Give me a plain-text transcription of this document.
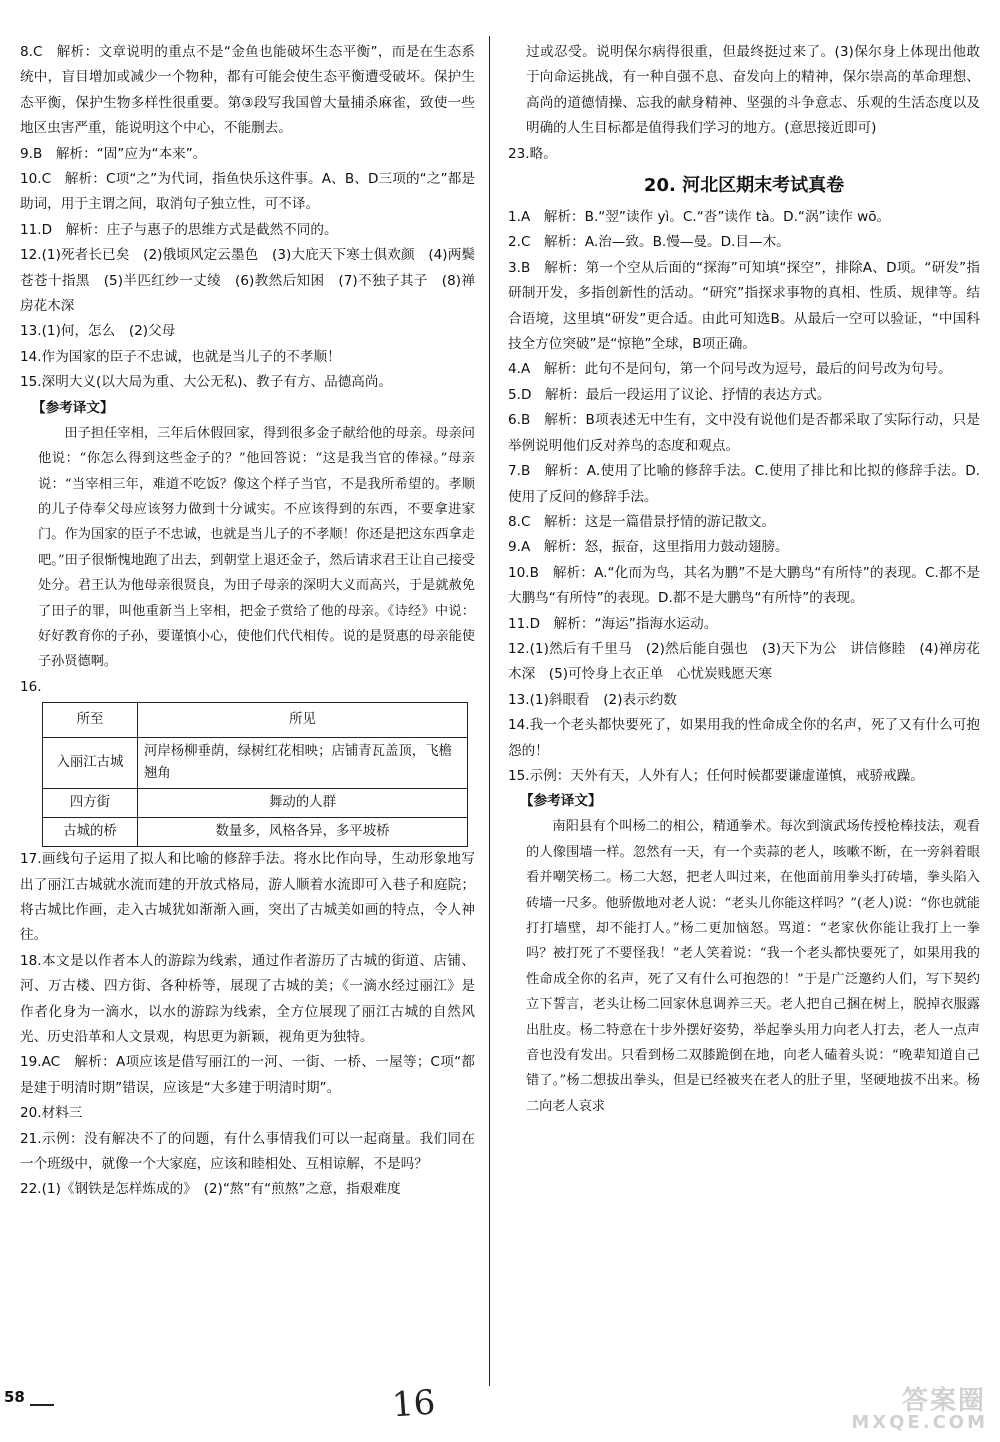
8.C　解析：文章说明的重点不是“金鱼也能破坏生态平衡”，而是在生态系统中，盲目增加或减少一个物种，都有可能会使生态平衡遭受破坏。保护生态平衡，保护生物多样性很重要。第③段写我国曾大量捕杀麻雀，致使一些地区虫害严重，能说明这个中心，不能删去。

9.B　解析：“固”应为“本来”。

10.C　解析：C项“之”为代词，指鱼快乐这件事。A、B、D三项的“之”都是助词，用于主谓之间，取消句子独立性，可不译。

11.D　解析：庄子与惠子的思维方式是截然不同的。

12.(1)死者长已矣　(2)俄顷风定云墨色　(3)大庇天下寒士俱欢颜　(4)两鬓苍苍十指黑　(5)半匹红纱一丈绫　(6)教然后知困　(7)不独子其子　(8)禅房花木深

13.(1)何，怎么　(2)父母

14.作为国家的臣子不忠诚，也就是当儿子的不孝顺！

15.深明大义(以大局为重、大公无私)、教子有方、品德高尚。

【参考译文】

田子担任宰相，三年后休假回家，得到很多金子献给他的母亲。母亲问他说：“你怎么得到这些金子的？”他回答说：“这是我当官的俸禄。”母亲说：“当宰相三年，难道不吃饭？像这个样子当官，不是我所希望的。孝顺的儿子侍奉父母应该努力做到十分诚实。不应该得到的东西，不要拿进家门。作为国家的臣子不忠诚，也就是当儿子的不孝顺！你还是把这东西拿走吧。”田子很惭愧地跑了出去，到朝堂上退还金子，然后请求君王让自己接受处分。君王认为他母亲很贤良，为田子母亲的深明大义而高兴，于是就赦免了田子的罪，叫他重新当上宰相，把金子赏给了他的母亲。《诗经》中说：好好教育你的子孙，要谨慎小心，使他们代代相传。说的是贤惠的母亲能使子孙贤德啊。

16.

所至	所见
入丽江古城	河岸杨柳垂荫，绿树红花相映；店铺青瓦盖顶，飞檐翘角
四方街	舞动的人群
古城的桥	数量多，风格各异，多平坡桥

17.画线句子运用了拟人和比喻的修辞手法。将水比作向导，生动形象地写出了丽江古城就水流而建的开放式格局，游人顺着水流即可入巷子和庭院；将古城比作画，走入古城犹如渐渐入画，突出了古城美如画的特点，令人神往。

18.本文是以作者本人的游踪为线索，通过作者游历了古城的街道、店铺、河、万古楼、四方街、各种桥等，展现了古城的美；《一滴水经过丽江》是作者化身为一滴水，以水的游踪为线索，全方位展现了丽江古城的自然风光、历史沿革和人文景观，构思更为新颖，视角更为独特。

19.AC　解析：A项应该是借写丽江的一河、一街、一桥、一屋等；C项“都是建于明清时期”错误，应该是“大多建于明清时期”。

20.材料三

21.示例：没有解决不了的问题，有什么事情我们可以一起商量。我们同在一个班级中，就像一个大家庭，应该和睦相处、互相谅解，不是吗？

22.(1)《钢铁是怎样炼成的》　(2)“熬”有“煎熬”之意，指艰难度

过或忍受。说明保尔病得很重，但最终挺过来了。(3)保尔身上体现出他敢于向命运挑战，有一种自强不息、奋发向上的精神，保尔崇高的革命理想、高尚的道德情操、忘我的献身精神、坚强的斗争意志、乐观的生活态度以及明确的人生目标都是值得我们学习的地方。(意思接近即可)

23.略。

20. 河北区期末考试真卷

1.A　解析：B.“翌”读作 yì。C.“沓”读作 tà。D.“涡”读作 wō。

2.C　解析：A.治—致。B.慢—曼。D.目—木。

3.B　解析：第一个空从后面的“探海”可知填“探空”，排除A、D项。“研发”指研制开发，多指创新性的活动。“研究”指探求事物的真相、性质、规律等。结合语境，这里填“研发”更合适。由此可知选B。从最后一空可以验证，“中国科技全方位突破”是“惊艳”全球，B项正确。

4.A　解析：此句不是问句，第一个问号改为逗号，最后的问号改为句号。

5.D　解析：最后一段运用了议论、抒情的表达方式。

6.B　解析：B项表述无中生有，文中没有说他们是否都采取了实际行动，只是举例说明他们反对养鸟的态度和观点。

7.B　解析：A.使用了比喻的修辞手法。C.使用了排比和比拟的修辞手法。D.使用了反问的修辞手法。

8.C　解析：这是一篇借景抒情的游记散文。

9.A　解析：怒，振奋，这里指用力鼓动翅膀。

10.B　解析：A.“化而为鸟，其名为鹏”不是大鹏鸟“有所恃”的表现。C.都不是大鹏鸟“有所恃”的表现。D.都不是大鹏鸟“有所恃”的表现。

11.D　解析：“海运”指海水运动。

12.(1)然后有千里马　(2)然后能自强也　(3)天下为公　讲信修睦　(4)禅房花木深　(5)可怜身上衣正单　心忧炭贱愿天寒

13.(1)斜眼看　(2)表示约数

14.我一个老头都快要死了，如果用我的性命成全你的名声，死了又有什么可抱怨的！

15.示例：天外有天，人外有人；任何时候都要谦虚谨慎，戒骄戒躁。

【参考译文】

南阳县有个叫杨二的相公，精通拳术。每次到演武场传授枪棒技法，观看的人像围墙一样。忽然有一天，有一个卖蒜的老人，咳嗽不断，在一旁斜着眼看并嘲笑杨二。杨二大怒，把老人叫过来，在他面前用拳头打砖墙，拳头陷入砖墙一尺多。他骄傲地对老人说：“老头儿你能这样吗？”(老人)说：“你也就能打打墙壁，却不能打人。”杨二更加恼怒。骂道：“老家伙你能让我打上一拳吗？被打死了不要怪我！”老人笑着说：“我一个老头都快要死了，如果用我的性命成全你的名声，死了又有什么可抱怨的！”于是广泛邀约人们，写下契约立下誓言，老头让杨二回家休息调养三天。老人把自己捆在树上，脱掉衣服露出肚皮。杨二特意在十步外摆好姿势，举起拳头用力向老人打去，老人一点声音也没有发出。只看到杨二双膝跪倒在地，向老人磕着头说：“晚辈知道自己错了。”杨二想拔出拳头，但是已经被夹在老人的肚子里，坚硬地拔不出来。杨二向老人哀求

58	16	答案圈
MXQE.COM
